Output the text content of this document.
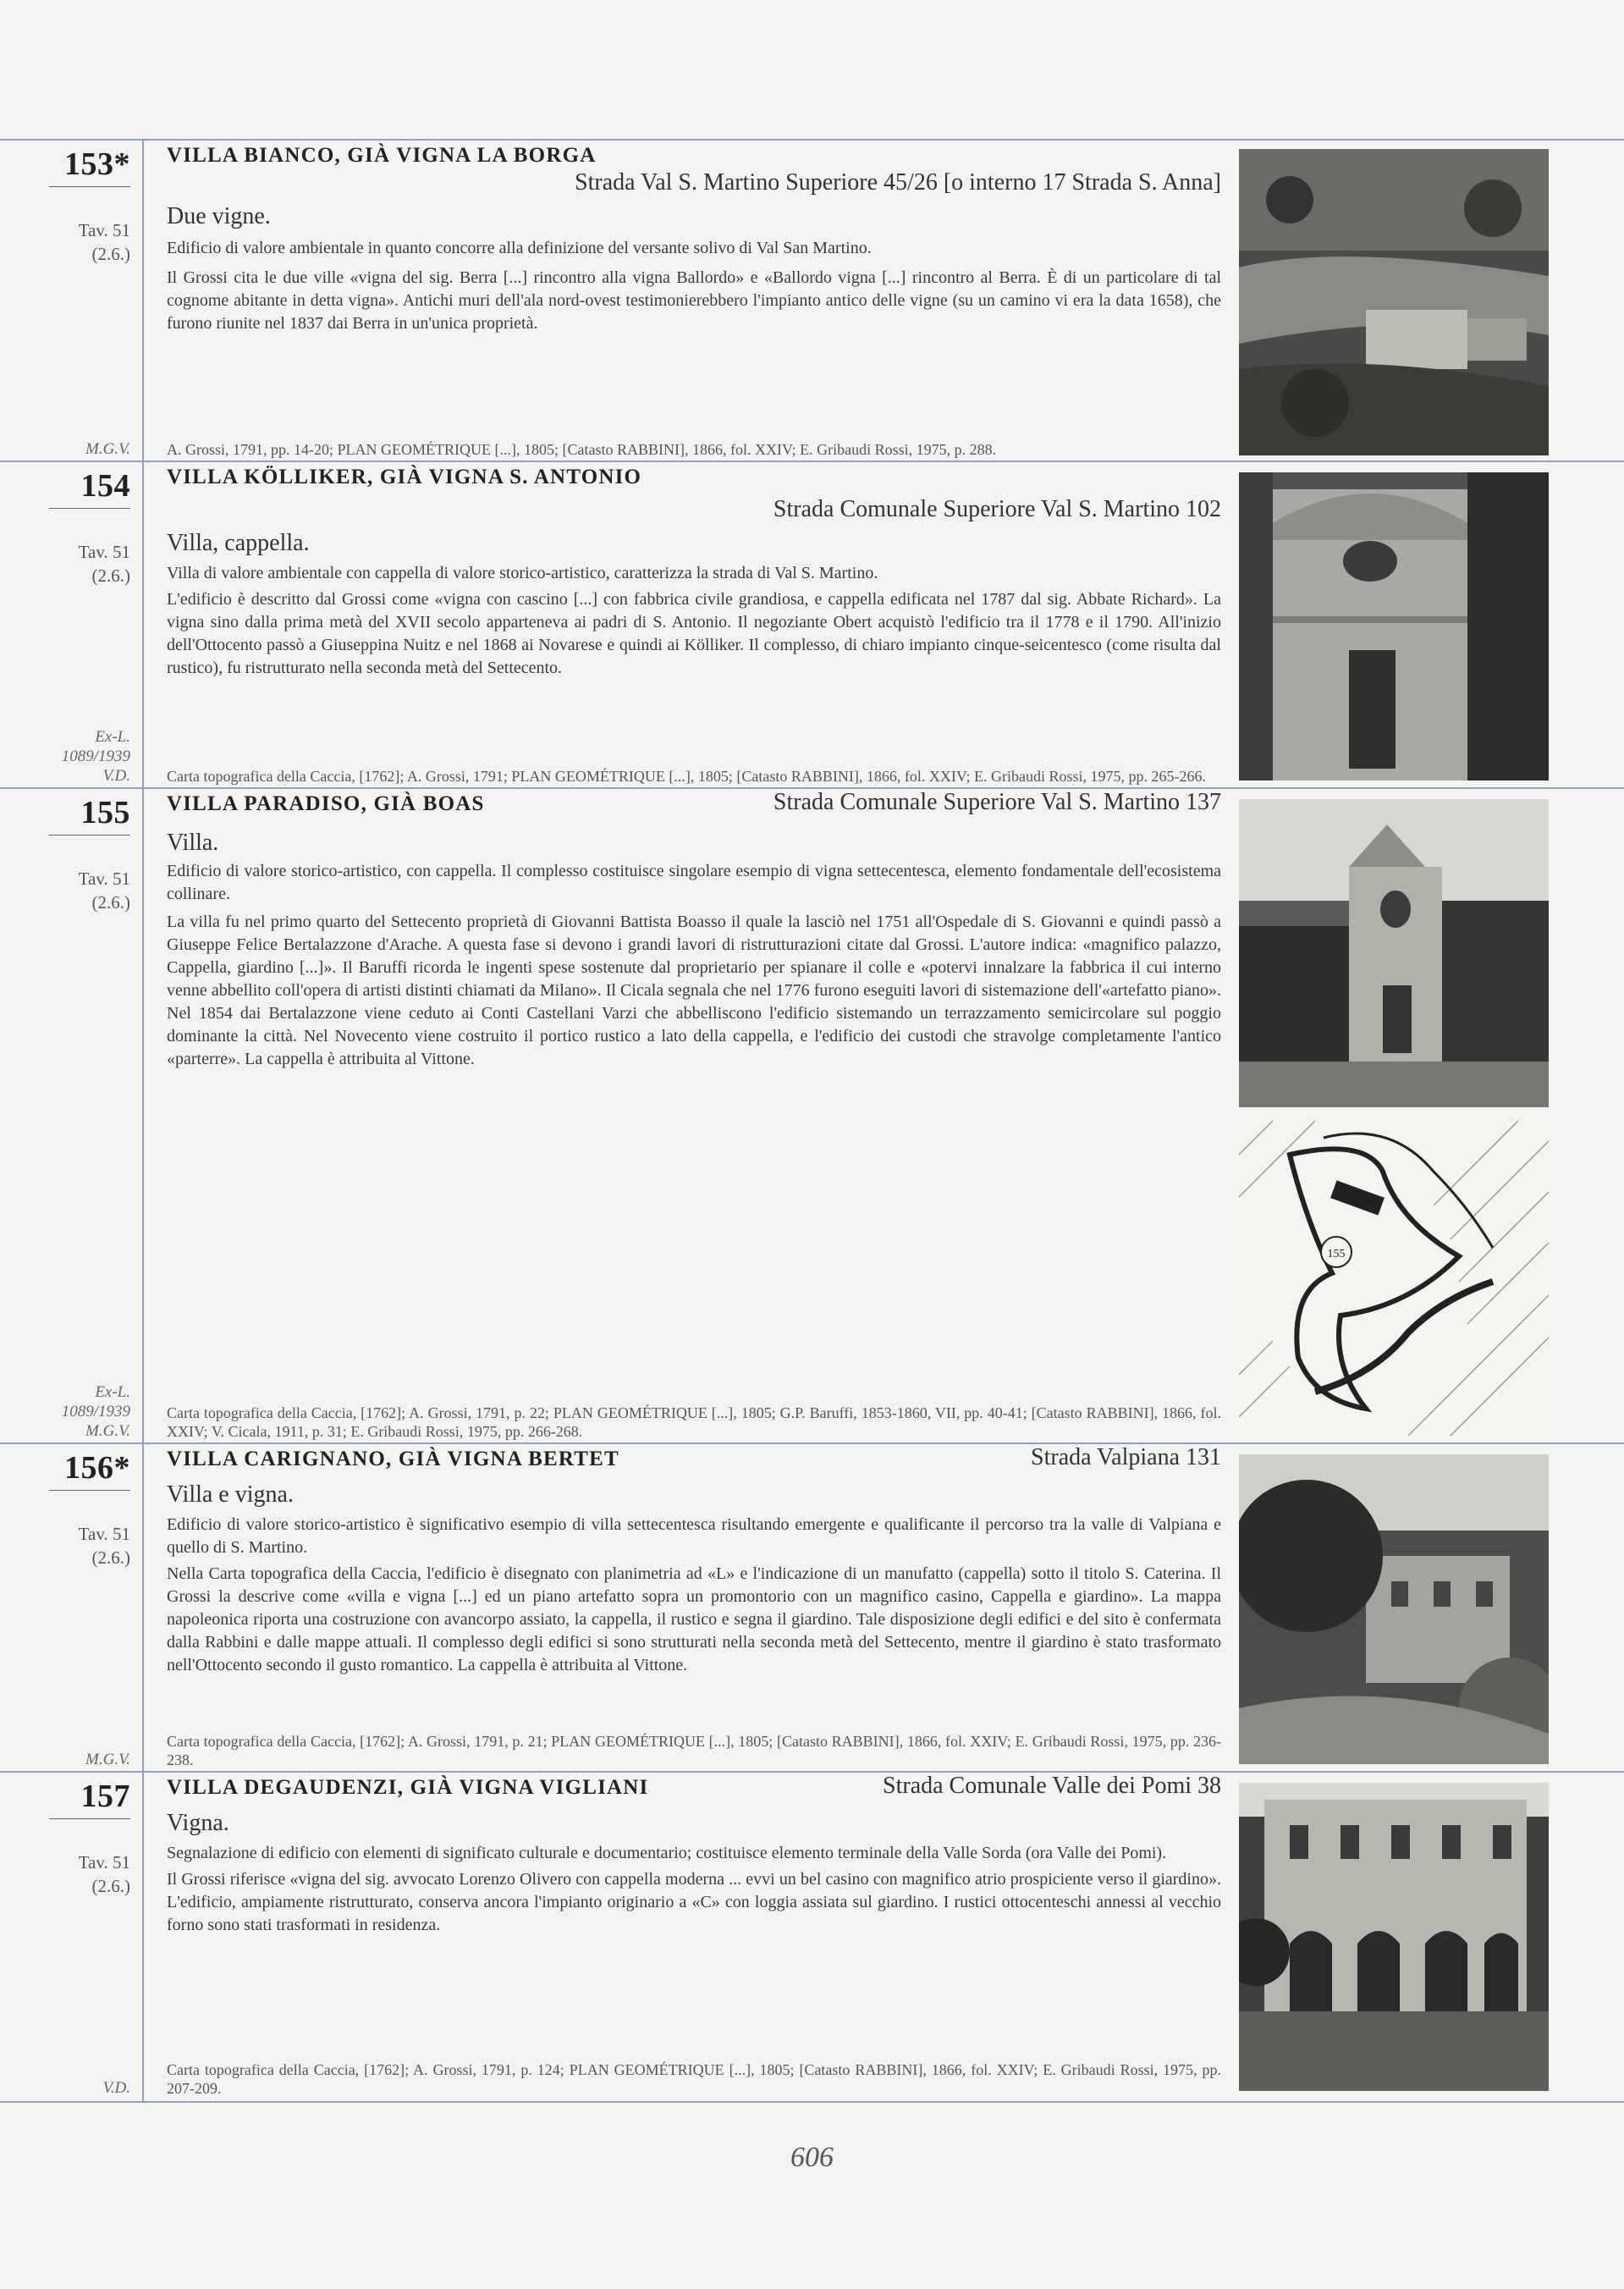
153*
Tav. 51
(2.6.)
M.G.V.
VILLA BIANCO, GIÀ VIGNA LA BORGA
Strada Val S. Martino Superiore 45/26 [o interno 17 Strada S. Anna]
Due vigne.

Edificio di valore ambientale in quanto concorre alla definizione del versante solivo di Val San Martino.

Il Grossi cita le due ville «vigna del sig. Berra [...] rincontro alla vigna Ballordo» e «Ballordo vigna [...] rincontro al Berra. È di un particolare di tal cognome abitante in detta vigna». Antichi muri dell'ala nord-ovest testimonierebbero l'impianto antico delle vigne (su un camino vi era la data 1658), che furono riunite nel 1837 dai Berra in un'unica proprietà.

A. Grossi, 1791, pp. 14-20; PLAN GEOMÉTRIQUE [...], 1805; [Catasto RABBINI], 1866, fol. XXIV; E. Gribaudi Rossi, 1975, p. 288.
154
Tav. 51
(2.6.)
Ex-L.
1089/1939
V.D.
VILLA KÖLLIKER, GIÀ VIGNA S. ANTONIO
Strada Comunale Superiore Val S. Martino 102
Villa, cappella.

Villa di valore ambientale con cappella di valore storico-artistico, caratterizza la strada di Val S. Martino.

L'edificio è descritto dal Grossi come «vigna con cascino [...] con fabbrica civile grandiosa, e cappella edificata nel 1787 dal sig. Abbate Richard». La vigna sino dalla prima metà del XVII secolo apparteneva ai padri di S. Antonio. Il negoziante Obert acquistò l'edificio tra il 1778 e il 1790. All'inizio dell'Ottocento passò a Giuseppina Nuitz e nel 1868 ai Novarese e quindi ai Kölliker. Il complesso, di chiaro impianto cinque-seicentesco (come risulta dal rustico), fu ristrutturato nella seconda metà del Settecento.

Carta topografica della Caccia, [1762]; A. Grossi, 1791; PLAN GEOMÉTRIQUE [...], 1805; [Catasto RABBINI], 1866, fol. XXIV; E. Gribaudi Rossi, 1975, pp. 265-266.
155
Tav. 51
(2.6.)
Ex-L.
1089/1939
M.G.V.
VILLA PARADISO, GIÀ BOAS	Strada Comunale Superiore Val S. Martino 137
Villa.

Edificio di valore storico-artistico, con cappella. Il complesso costituisce singolare esempio di vigna settecentesca, elemento fondamentale dell'ecosistema collinare.

La villa fu nel primo quarto del Settecento proprietà di Giovanni Battista Boasso il quale la lasciò nel 1751 all'Ospedale di S. Giovanni e quindi passò a Giuseppe Felice Bertalazzone d'Arache. A questa fase si devono i grandi lavori di ristrutturazioni citate dal Grossi. L'autore indica: «magnifico palazzo, Cappella, giardino [...]». Il Baruffi ricorda le ingenti spese sostenute dal proprietario per spianare il colle e «potervi innalzare la fabbrica il cui interno venne abbellito coll'opera di artisti distinti chiamati da Milano». Il Cicala segnala che nel 1776 furono eseguiti lavori di sistemazione dell'«artefatto piano». Nel 1854 dai Bertalazzone viene ceduto ai Conti Castellani Varzi che abbelliscono l'edificio sistemando un terrazzamento semicircolare sul poggio dominante la città. Nel Novecento viene costruito il portico rustico a lato della cappella, e l'edificio dei custodi che stravolge completamente l'antico «parterre». La cappella è attribuita al Vittone.

Carta topografica della Caccia, [1762]; A. Grossi, 1791, p. 22; PLAN GEOMÉTRIQUE [...], 1805; G.P. Baruffi, 1853-1860, VII, pp. 40-41; [Catasto RABBINI], 1866, fol. XXIV; V. Cicala, 1911, p. 31; E. Gribaudi Rossi, 1975, pp. 266-268.
155
156*
Tav. 51
(2.6.)
M.G.V.
VILLA CARIGNANO, GIÀ VIGNA BERTET	Strada Valpiana 131
Villa e vigna.

Edificio di valore storico-artistico è significativo esempio di villa settecentesca risultando emergente e qualificante il percorso tra la valle di Valpiana e quello di S. Martino.

Nella Carta topografica della Caccia, l'edificio è disegnato con planimetria ad «L» e l'indicazione di un manufatto (cappella) sotto il titolo S. Caterina. Il Grossi la descrive come «villa e vigna [...] ed un piano artefatto sopra un promontorio con un magnifico casino, Cappella e giardino». La mappa napoleonica riporta una costruzione con avancorpo assiato, la cappella, il rustico e segna il giardino. Tale disposizione degli edifici e del sito è confermata dalla Rabbini e dalle mappe attuali. Il complesso degli edifici si sono strutturati nella seconda metà del Settecento, mentre il giardino è stato trasformato nell'Ottocento secondo il gusto romantico. La cappella è attribuita al Vittone.

Carta topografica della Caccia, [1762]; A. Grossi, 1791, p. 21; PLAN GEOMÉTRIQUE [...], 1805; [Catasto RABBINI], 1866, fol. XXIV; E. Gribaudi Rossi, 1975, pp. 236-238.
157
Tav. 51
(2.6.)
V.D.
VILLA DEGAUDENZI, GIÀ VIGNA VIGLIANI	Strada Comunale Valle dei Pomi 38
Vigna.

Segnalazione di edificio con elementi di significato culturale e documentario; costituisce elemento terminale della Valle Sorda (ora Valle dei Pomi).

Il Grossi riferisce «vigna del sig. avvocato Lorenzo Olivero con cappella moderna ... evvi un bel casino con magnifico atrio prospiciente verso il giardino». L'edificio, ampiamente ristrutturato, conserva ancora l'impianto originario a «C» con loggia assiata sul giardino. I rustici ottocenteschi annessi al vecchio forno sono stati trasformati in residenza.

Carta topografica della Caccia, [1762]; A. Grossi, 1791, p. 124; PLAN GEOMÉTRIQUE [...], 1805; [Catasto RABBINI], 1866, fol. XXIV; E. Gribaudi Rossi, 1975, pp. 207-209.
606
